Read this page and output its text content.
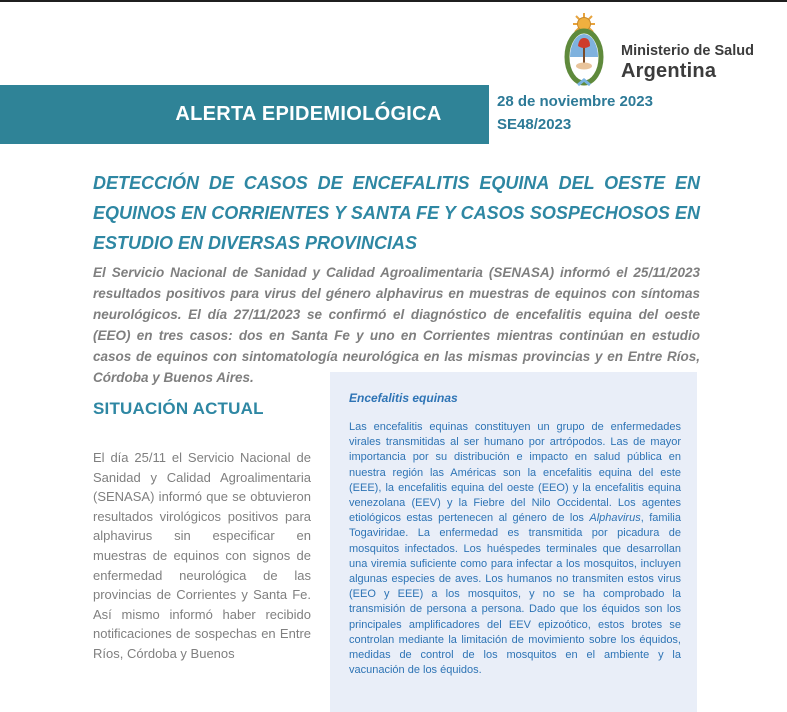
Ministerio de Salud
Argentina
ALERTA EPIDEMIOLÓGICA
28 de noviembre 2023
SE48/2023
DETECCIÓN DE CASOS DE ENCEFALITIS EQUINA DEL OESTE EN EQUINOS EN CORRIENTES Y SANTA FE Y CASOS SOSPECHOSOS EN ESTUDIO EN DIVERSAS PROVINCIAS
El Servicio Nacional de Sanidad y Calidad Agroalimentaria (SENASA) informó el 25/11/2023 resultados positivos para virus del género alphavirus en muestras de equinos con síntomas neurológicos. El día 27/11/2023 se confirmó el diagnóstico de encefalitis equina del oeste (EEO) en tres casos: dos en Santa Fe y uno en Corrientes mientras continúan en estudio casos de equinos con sintomatología neurológica en las mismas provincias y en Entre Ríos, Córdoba y Buenos Aires.
SITUACIÓN ACTUAL
El día 25/11 el Servicio Nacional de Sanidad y Calidad Agroalimentaria (SENASA) informó que se obtuvieron resultados virológicos positivos para alphavirus sin especificar en muestras de equinos con signos de enfermedad neurológica de las provincias de Corrientes y Santa Fe. Así mismo informó haber recibido notificaciones de sospechas en Entre Ríos, Córdoba y Buenos
Encefalitis equinas
Las encefalitis equinas constituyen un grupo de enfermedades virales transmitidas al ser humano por artrópodos. Las de mayor importancia por su distribución e impacto en salud pública en nuestra región las Américas son la encefalitis equina del este (EEE), la encefalitis equina del oeste (EEO) y la encefalitis equina venezolana (EEV) y la Fiebre del Nilo Occidental. Los agentes etiológicos estas pertenecen al género de los Alphavirus, familia Togaviridae. La enfermedad es transmitida por picadura de mosquitos infectados. Los huéspedes terminales que desarrollan una viremia suficiente como para infectar a los mosquitos, incluyen algunas especies de aves. Los humanos no transmiten estos virus (EEO y EEE) a los mosquitos, y no se ha comprobado la transmisión de persona a persona. Dado que los équidos son los principales amplificadores del EEV epizoótico, estos brotes se controlan mediante la limitación de movimiento sobre los équidos, medidas de control de los mosquitos en el ambiente y la vacunación de los équidos.
